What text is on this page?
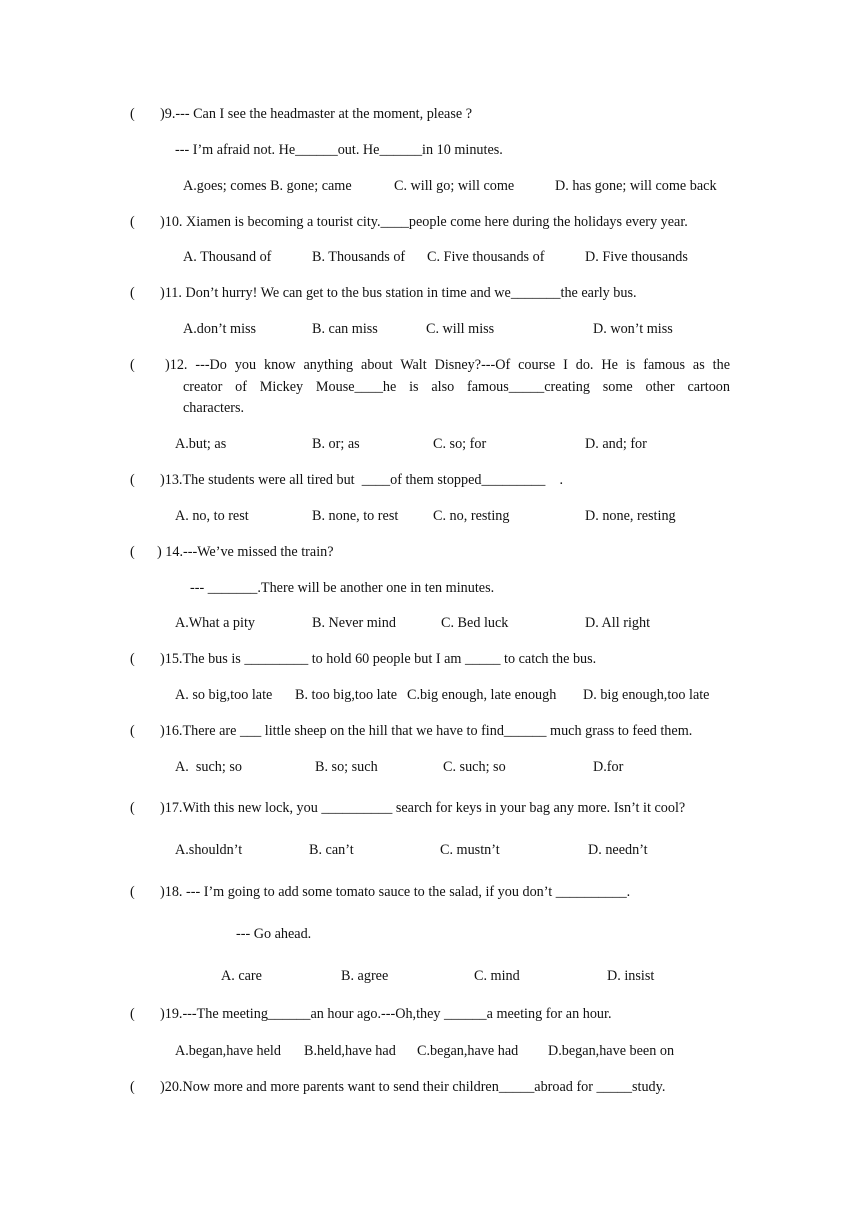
( )9.--- Can I see the headmaster at the moment, please ?
--- I’m afraid not. He______out. He______in 10 minutes.
A.goes; comes B. gone; came	C. will go; will come	D. has gone; will come back
( )10. Xiamen is becoming a tourist city.____people come here during the holidays every year.
A. Thousand of	B. Thousands of C. Five thousands of	D. Five thousands
( )11. Don’t hurry! We can get to the bus station in time and we_______the early bus.
A.don’t miss	B. can miss	C. will miss	D. won’t miss
( )12. ---Do you know anything about Walt Disney?---Of course I do. He is famous as the
creator of Mickey Mouse____he is also famous_____creating some other cartoon
characters.
A.but; as	B. or; as	C. so; for	D. and; for
( )13.The students were all tired but  ____of them stopped_________    .
A. no, to rest	B. none, to rest C. no, resting	D. none, resting
( ) 14.---We’ve missed the train?
--- _______.There will be another one in ten minutes.
A.What a pity	B. Never mind	C. Bed luck	D. All right
( )15.The bus is _________ to hold 60 people but I am _____ to catch the bus.
A. so big,too late B. too big,too late C.big enough, late enough D. big enough,too late
( )16.There are ___ little sheep on the hill that we have to find______ much grass to feed them.
A.  such; so	B. so; such	C. such; so	D.for
( )17.With this new lock, you __________ search for keys in your bag any more. Isn’t it cool?
A.shouldn’t	B. can’t	C. mustn’t	D. needn’t
( )18. --- I’m going to add some tomato sauce to the salad, if you don’t __________.
--- Go ahead.
A. care	B. agree	C. mind	D. insist
( )19.---The meeting______an hour ago.---Oh,they ______a meeting for an hour.
A.began,have held B.held,have had C.began,have had D.began,have been on
( )20.Now more and more parents want to send their children_____abroad for _____study.
